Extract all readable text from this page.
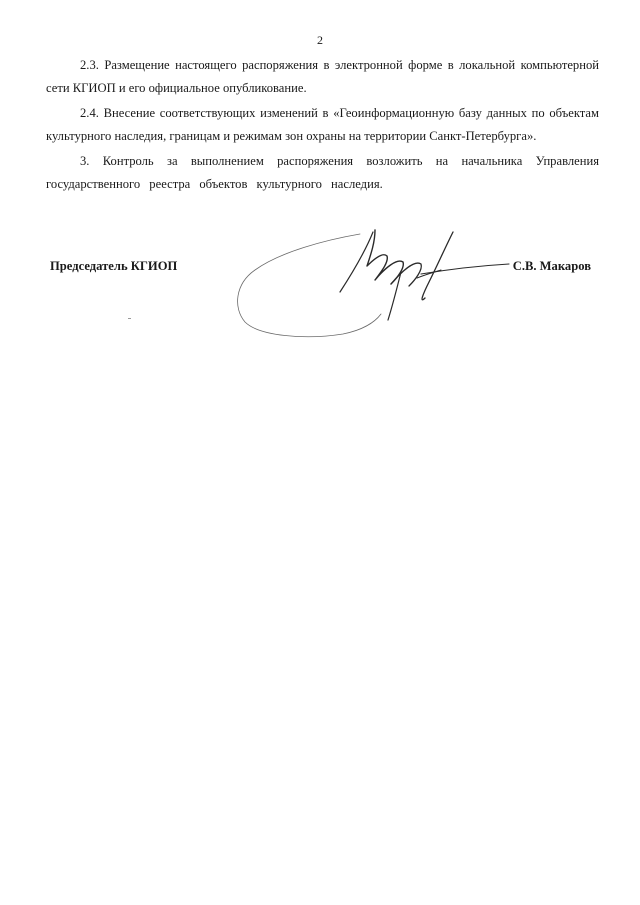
2

2.3. Размещение настоящего распоряжения в электронной форме в локальной компьютерной сети КГИОП и его официальное опубликование.

2.4. Внесение соответствующих изменений в «Геоинформационную базу данных по объектам культурного наследия, границам и режимам зон охраны на территории Санкт-Петербурга».

3. Контроль за выполнением распоряжения возложить на начальника Управления государственного реестра объектов культурного наследия.

Председатель КГИОП	С.В. Макаров
